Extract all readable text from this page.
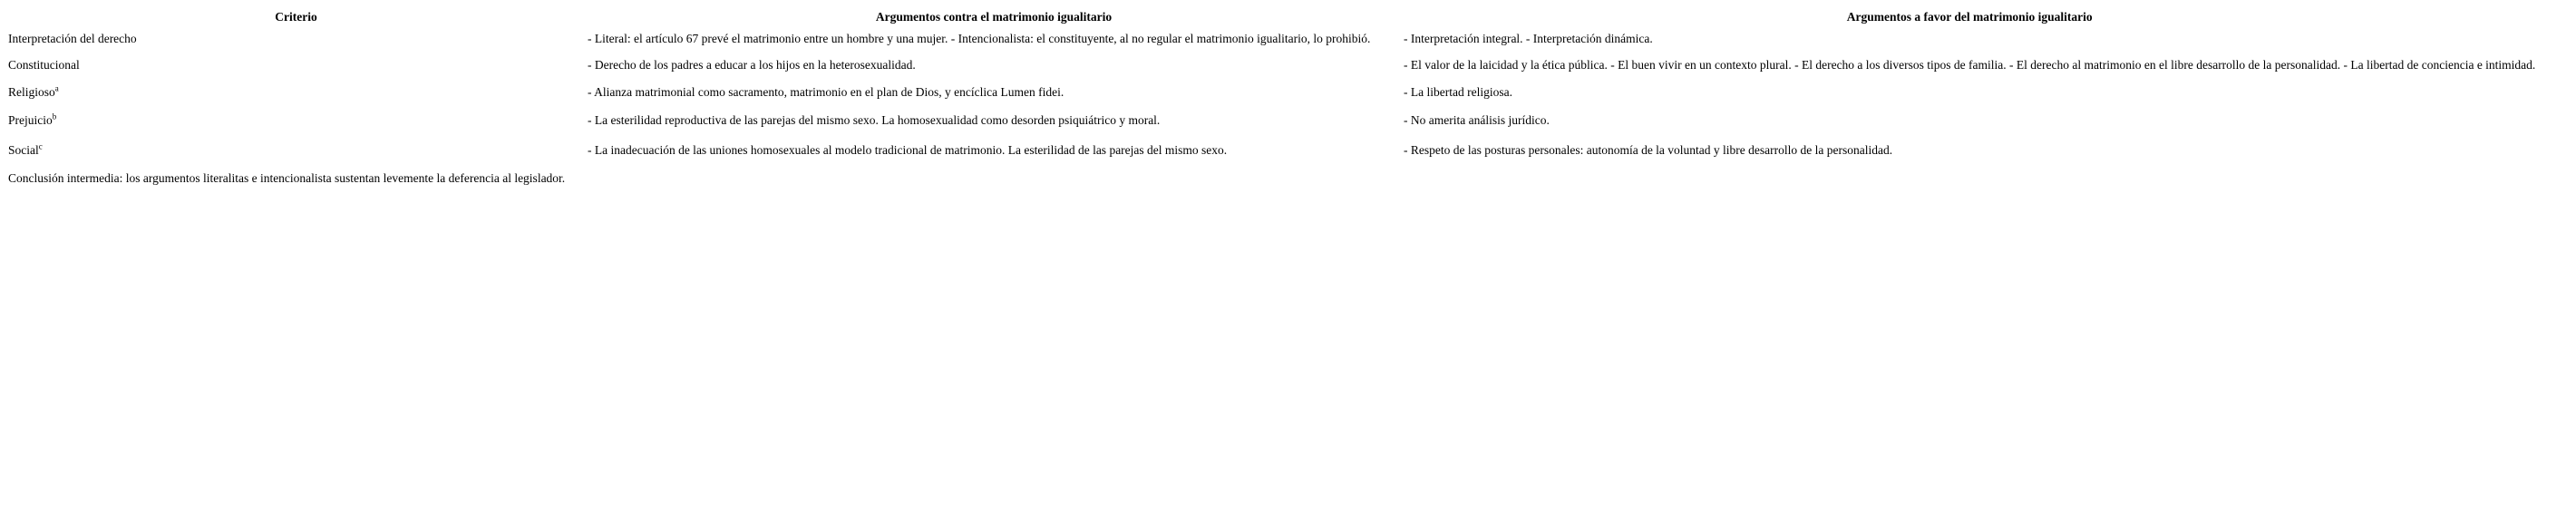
Criterio	Argumentos contra el matrimonio igualitario	Argumentos a favor del matrimonio igualitario
Interpretación del derecho	- Literal: el artículo 67 prevé el matrimonio entre un hombre y una mujer. - Intencionalista: el constituyente, al no regular el matrimonio igualitario, lo prohibió.	- Interpretación integral. - Interpretación dinámica.
Constitucional	- Derecho de los padres a educar a los hijos en la heterosexualidad.	- El valor de la laicidad y la ética pública. - El buen vivir en un contexto plural. - El derecho a los diversos tipos de familia. - El derecho al matrimonio en el libre desarrollo de la personalidad. - La libertad de conciencia e intimidad.
Religioso$^a$	- Alianza matrimonial como sacramento, matrimonio en el plan de Dios, y encíclica Lumen fidei.	- La libertad religiosa.
Prejuicio$^b$	- La esterilidad reproductiva de las parejas del mismo sexo. La homosexualidad como desorden psiquiátrico y moral.	- No amerita análisis jurídico.
Social$^c$	- La inadecuación de las uniones homosexuales al modelo tradicional de matrimonio. La esterilidad de las parejas del mismo sexo.	- Respeto de las posturas personales: autonomía de la voluntad y libre desarrollo de la personalidad.
Conclusión intermedia: los argumentos literalitas e intencionalista sustentan levemente la deferencia al legislador.		
